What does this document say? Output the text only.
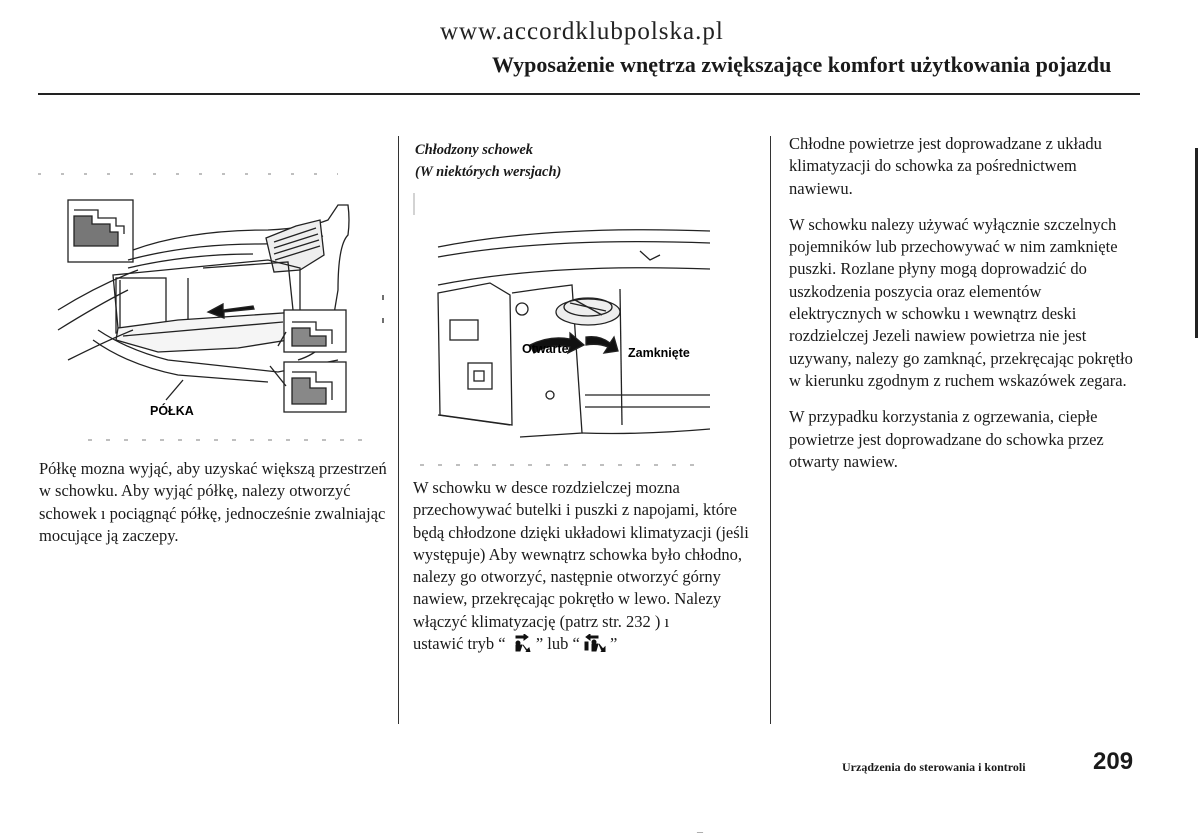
www.accordklubpolska.pl
Wyposażenie wnętrza zwiększające komfort użytkowania pojazdu
PÓŁKA
Półkę mozna wyjąć, aby uzyskać większą przestrzeń w schowku. Aby wyjąć półkę, nalezy otworzyć schowek ı pociągnąć półkę, jednocześnie zwalniając mocujące ją zaczepy.
Chłodzony schowek
(W niektórych wersjach)
Otwarte	Zamknięte
W schowku w desce rozdzielczej mozna przechowywać butelki i puszki z napojami, które będą chłodzone dzięki układowi klimatyzacji (jeśli występuje) Aby wewnątrz schowka było chłodno, nalezy go otworzyć, następnie otworzyć górny nawiew, przekręcając pokrętło w lewo. Nalezy włączyć klimatyzację (patrz str. 232 ) ı
ustawić tryb “ ” lub “ ”

Chłodne powietrze jest doprowadzane z układu klimatyzacji do schowka za pośrednictwem nawiewu.

W schowku nalezy używać wyłącznie szczelnych pojemników lub przechowywać w nim zamknięte puszki. Rozlane płyny mogą doprowadzić do uszkodzenia poszycia oraz elementów elektrycznych w schowku ı wewnątrz deski rozdzielczej Jezeli nawiew powietrza nie jest uzywany, nalezy go zamknąć, przekręcając pokrętło w kierunku zgodnym z ruchem wskazówek zegara.

W przypadku korzystania z ogrzewania, ciepłe powietrze jest doprowadzane do schowka przez otwarty nawiew.

Urządzenia do sterowania i kontroli	209
–
